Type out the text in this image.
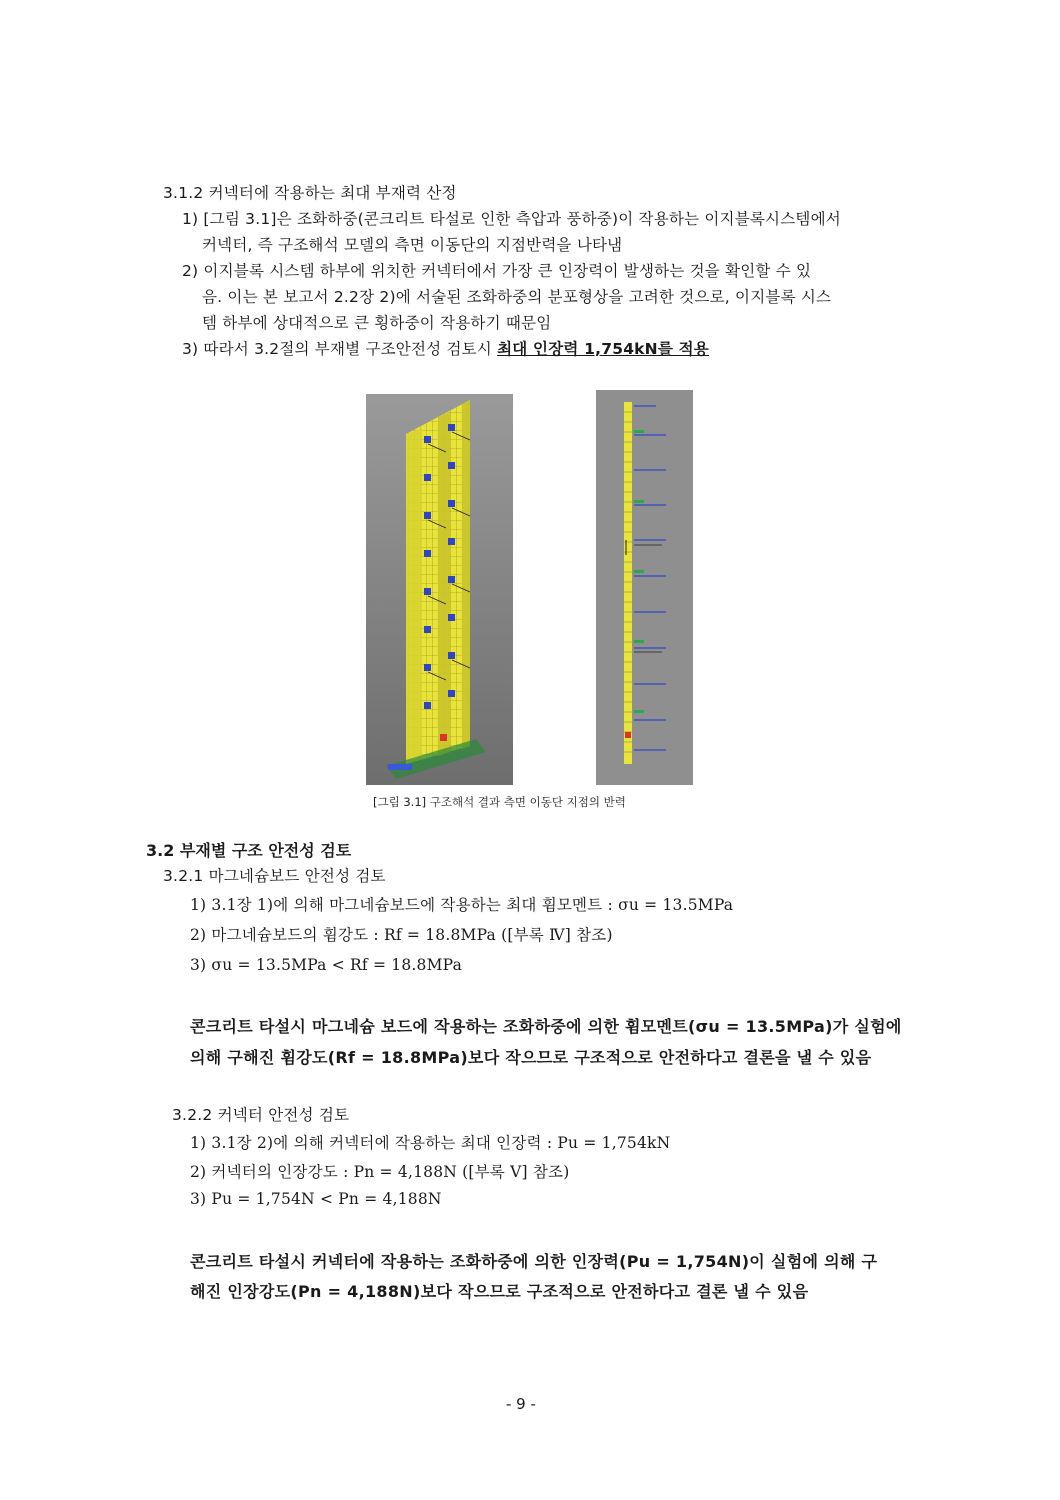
3.1.2 커넥터에 작용하는 최대 부재력 산정
1) [그림 3.1]은 조화하중(콘크리트 타설로 인한 측압과 풍하중)이 작용하는 이지블록시스템에서
커넥터, 즉 구조해석 모델의 측면 이동단의 지점반력을 나타냄
2) 이지블록 시스템 하부에 위치한 커넥터에서 가장 큰 인장력이 발생하는 것을 확인할 수 있
음. 이는 본 보고서 2.2장 2)에 서술된 조화하중의 분포형상을 고려한 것으로, 이지블록 시스
템 하부에 상대적으로 큰 횡하중이 작용하기 때문임
3) 따라서 3.2절의 부재별 구조안전성 검토시 최대 인장력 1,754kN를 적용
[그림 3.1] 구조해석 결과 측면 이동단 지점의 반력
3.2 부재별 구조 안전성 검토
3.2.1 마그네슘보드 안전성 검토
1) 3.1장 1)에 의해 마그네슘보드에 작용하는 최대 휨모멘트 : σu = 13.5MPa
2) 마그네슘보드의 휨강도 : Rf = 18.8MPa ([부록 Ⅳ] 참조)
3) σu = 13.5MPa < Rf = 18.8MPa
콘크리트 타설시 마그네슘 보드에 작용하는 조화하중에 의한 휨모멘트(σu = 13.5MPa)가 실험에
의해 구해진 휨강도(Rf = 18.8MPa)보다 작으므로 구조적으로 안전하다고 결론을 낼 수 있음
3.2.2 커넥터 안전성 검토
1) 3.1장 2)에 의해 커넥터에 작용하는 최대 인장력 : Pu = 1,754kN
2) 커넥터의 인장강도 : Pn = 4,188N ([부록 Ⅴ] 참조)
3) Pu = 1,754N < Pn = 4,188N
콘크리트 타설시 커넥터에 작용하는 조화하중에 의한 인장력(Pu = 1,754N)이 실험에 의해 구
해진 인장강도(Pn = 4,188N)보다 작으므로 구조적으로 안전하다고 결론 낼 수 있음
- 9 -
